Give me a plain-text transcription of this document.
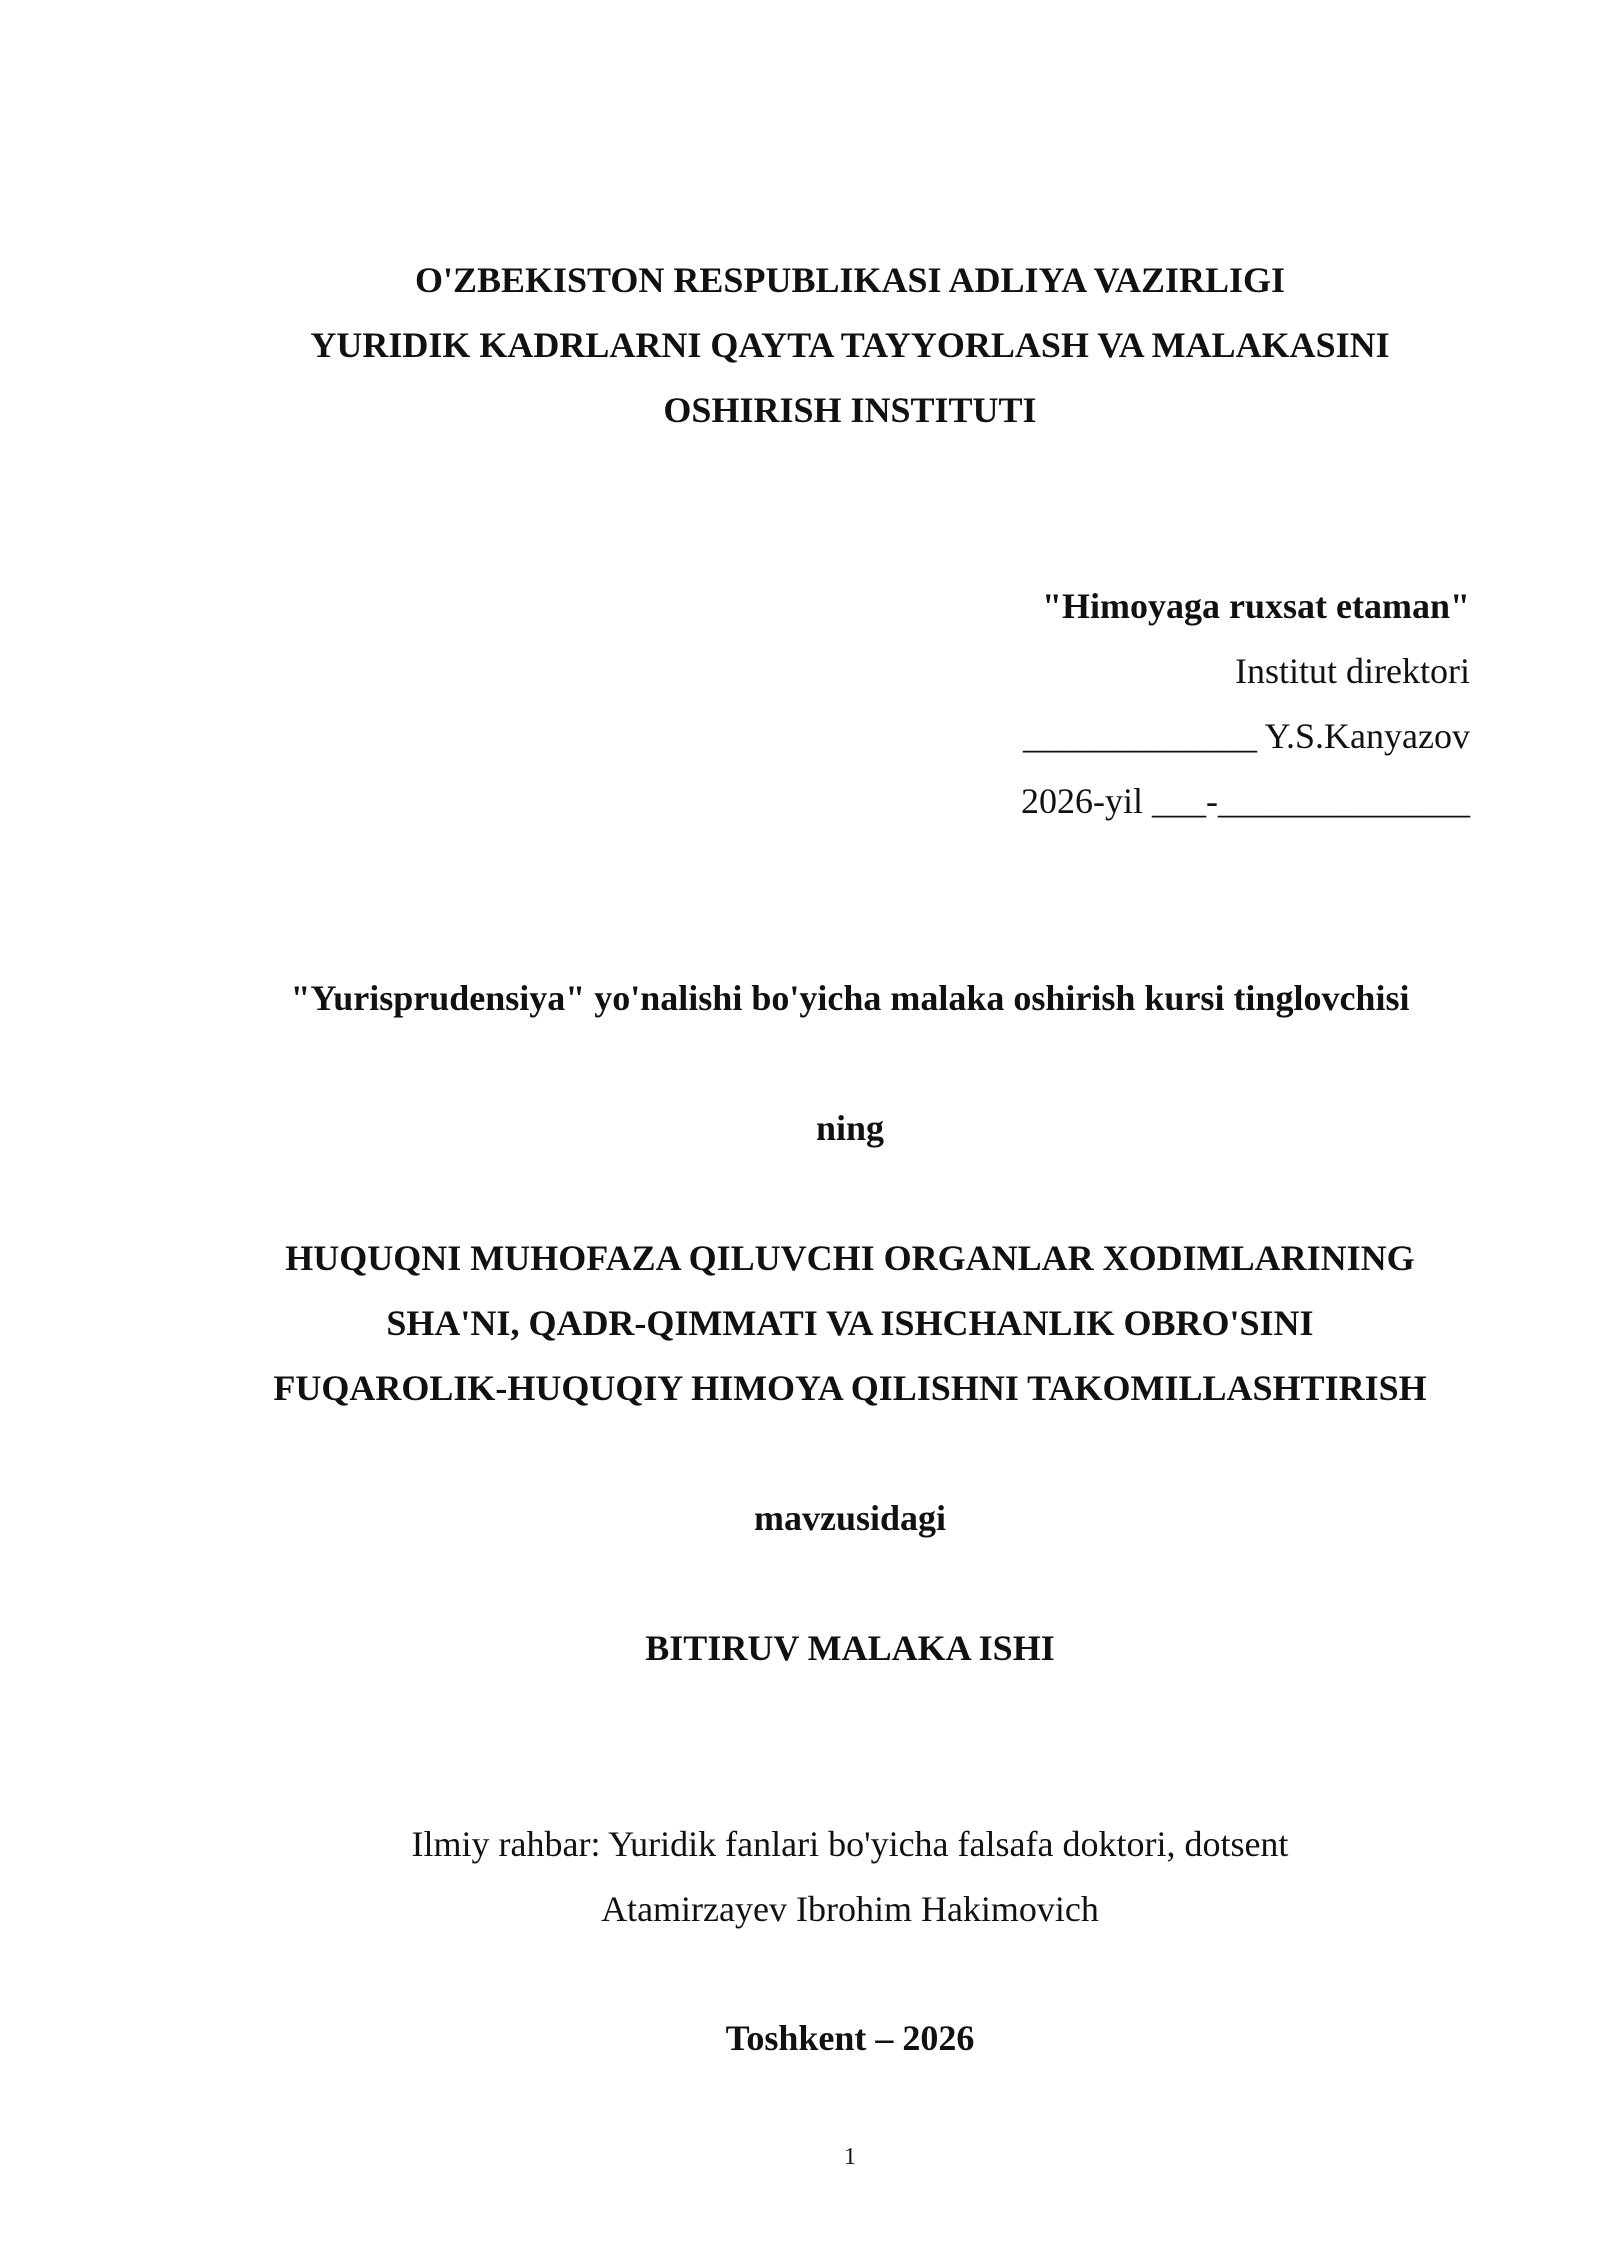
O'ZBEKISTON RESPUBLIKASI ADLIYA VAZIRLIGI
YURIDIK KADRLARNI QAYTA TAYYORLASH VA MALAKASINI
OSHIRISH INSTITUTI
"Himoyaga ruxsat etaman"
Institut direktori
_____________ Y.S.Kanyazov
2026-yil ___-______________
"Yurisprudensiya" yo'nalishi bo'yicha malaka oshirish kursi tinglovchisi
ning
HUQUQNI MUHOFAZA QILUVCHI ORGANLAR XODIMLARINING
SHA'NI, QADR-QIMMATI VA ISHCHANLIK OBRO'SINI
FUQAROLIK-HUQUQIY HIMOYA QILISHNI TAKOMILLASHTIRISH
mavzusidagi
BITIRUV MALAKA ISHI
Ilmiy rahbar: Yuridik fanlari bo'yicha falsafa doktori, dotsent
Atamirzayev Ibrohim Hakimovich
Toshkent – 2026
1
